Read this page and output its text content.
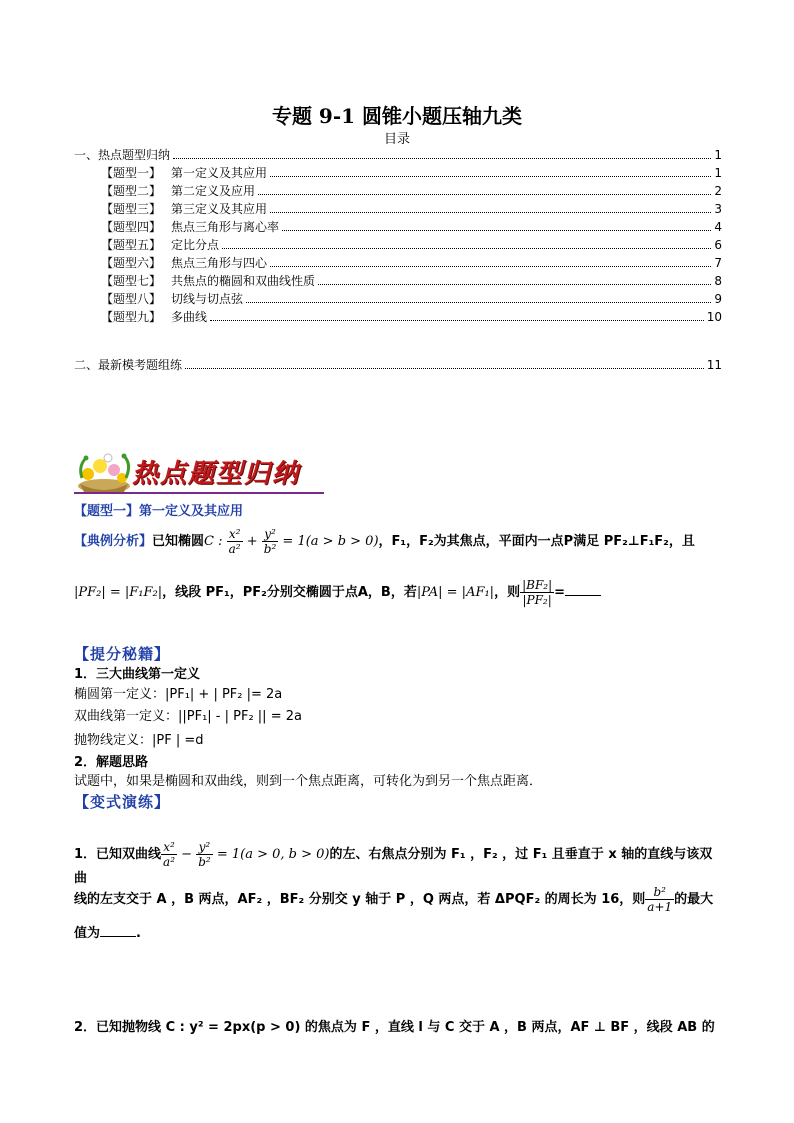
专题 9-1 圆锥小题压轴九类
目录
一、热点题型归纳	1
【题型一】 第一定义及其应用	1
【题型二】 第二定义及应用	2
【题型三】 第三定义及其应用	3
【题型四】 焦点三角形与离心率	4
【题型五】 定比分点	6
【题型六】 焦点三角形与四心	7
【题型七】 共焦点的椭圆和双曲线性质	8
【题型八】 切线与切点弦	9
【题型九】 多曲线	10
二、最新模考题组练	11
热点题型归纳
【题型一】第一定义及其应用
【典例分析】已知椭圆C : $\frac{\text{x²}}{\text{a²}} + \frac{\text{y²}}{\text{b²}} = 1(a > b > 0)$，F₁，F₂为其焦点，平面内一点P满足 PF₂⊥F₁F₂，且
|PF₂| = |F₁F₂|，线段 PF₁，PF₂分别交椭圆于点A，B，若|PA| = |AF₁|，则 $\frac{\text{|BF₂|}}{\text{|PF₂|}}$ =
【提分秘籍】
1．三大曲线第一定义
椭圆第一定义：|PF₁| + | PF₂ |= 2a
双曲线第一定义：||PF₁| - | PF₂ || = 2a
抛物线定义：|PF | =d
2．解题思路
试题中，如果是椭圆和双曲线，则到一个焦点距离，可转化为到另一个焦点距离．
【变式演练】
1．已知双曲线 $\frac{\text{x²}}{\text{a²}} - \frac{\text{y²}}{\text{b²}} = 1(a > 0$, b > 0)的左、右焦点分别为 F₁ ，F₂ ，过 F₁ 且垂直于 x 轴的直线与该双曲
线的左支交于 A ，B 两点，AF₂ ，BF₂ 分别交 y 轴于 P ，Q 两点，若 ΔPQF₂ 的周长为 16，则 $\frac{\text{b²}}{a+1}$ 的最大
值为	.
2．已知抛物线 C : y² = 2px(p > 0) 的焦点为 F ，直线 l 与 C 交于 A ，B 两点，AF ⊥ BF ，线段 AB 的
